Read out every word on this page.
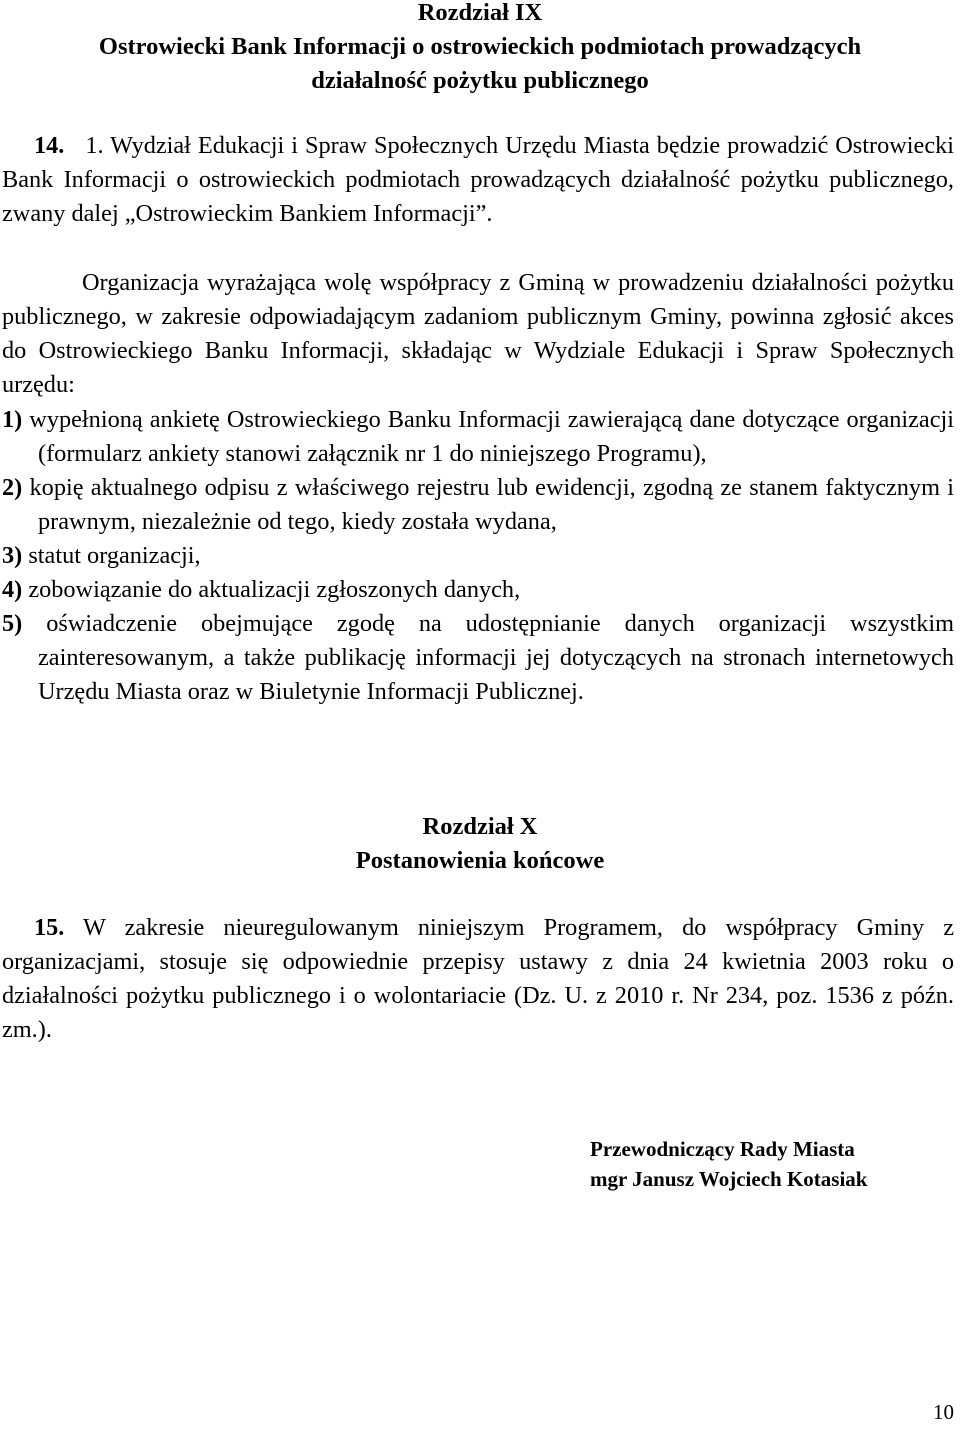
Rozdział IX
Ostrowiecki Bank Informacji o ostrowieckich podmiotach prowadzących
działalność pożytku publicznego

14. 1. Wydział Edukacji i Spraw Społecznych Urzędu Miasta będzie prowadzić Ostrowiecki Bank Informacji o ostrowieckich podmiotach prowadzących działalność pożytku publicznego, zwany dalej „Ostrowieckim Bankiem Informacji”.

Organizacja wyrażająca wolę współpracy z Gminą w prowadzeniu działalności pożytku publicznego, w zakresie odpowiadającym zadaniom publicznym Gminy, powinna zgłosić akces do Ostrowieckiego Banku Informacji, składając w Wydziale Edukacji i Spraw Społecznych urzędu:

1) wypełnioną ankietę Ostrowieckiego Banku Informacji zawierającą dane dotyczące organizacji (formularz ankiety stanowi załącznik nr 1 do niniejszego Programu),
2) kopię aktualnego odpisu z właściwego rejestru lub ewidencji, zgodną ze stanem faktycznym i prawnym, niezależnie od tego, kiedy została wydana,
3) statut organizacji,
4) zobowiązanie do aktualizacji zgłoszonych danych,
5) oświadczenie obejmujące zgodę na udostępnianie danych organizacji wszystkim zainteresowanym, a także publikację informacji jej dotyczących na stronach internetowych Urzędu Miasta oraz w Biuletynie Informacji Publicznej.
Rozdział X
Postanowienia końcowe

15. W zakresie nieuregulowanym niniejszym Programem, do współpracy Gminy z organizacjami, stosuje się odpowiednie przepisy ustawy z dnia 24 kwietnia 2003 roku o działalności pożytku publicznego i o wolontariacie (Dz. U. z 2010 r. Nr 234, poz. 1536 z późn. zm.).

Przewodniczący Rady Miasta
mgr Janusz Wojciech Kotasiak
10
